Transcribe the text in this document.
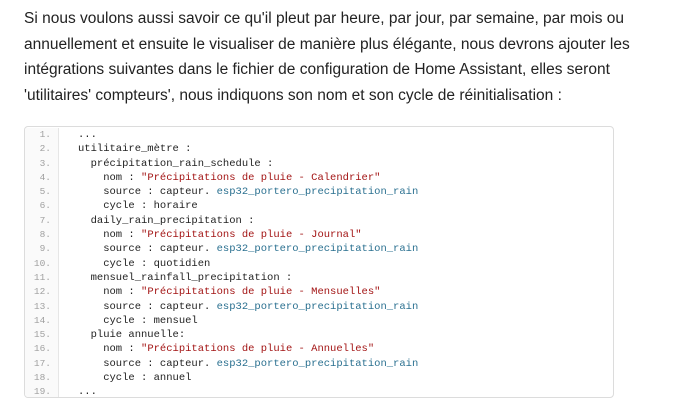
Si nous voulons aussi savoir ce qu'il pleut par heure, par jour, par semaine, par mois ou annuellement et ensuite le visualiser de manière plus élégante, nous devrons ajouter les intégrations suivantes dans le fichier de configuration de Home Assistant, elles seront 'utilitaires' compteurs', nous indiquons son nom et son cycle de réinitialisation :

1.	...
2.	utilitaire_mètre :
3.	précipitation_rain_schedule :
4.	nom : "Précipitations de pluie - Calendrier"
5.	source : capteur. esp32_portero_precipitation_rain
6.	cycle : horaire
7.	daily_rain_precipitation :
8.	nom : "Précipitations de pluie - Journal"
9.	source : capteur. esp32_portero_precipitation_rain
10.	cycle : quotidien
11.	mensuel_rainfall_precipitation :
12.	nom : "Précipitations de pluie - Mensuelles"
13.	source : capteur. esp32_portero_precipitation_rain
14.	cycle : mensuel
15.	pluie annuelle:
16.	nom : "Précipitations de pluie - Annuelles"
17.	source : capteur. esp32_portero_precipitation_rain
18.	cycle : annuel
19.	...
